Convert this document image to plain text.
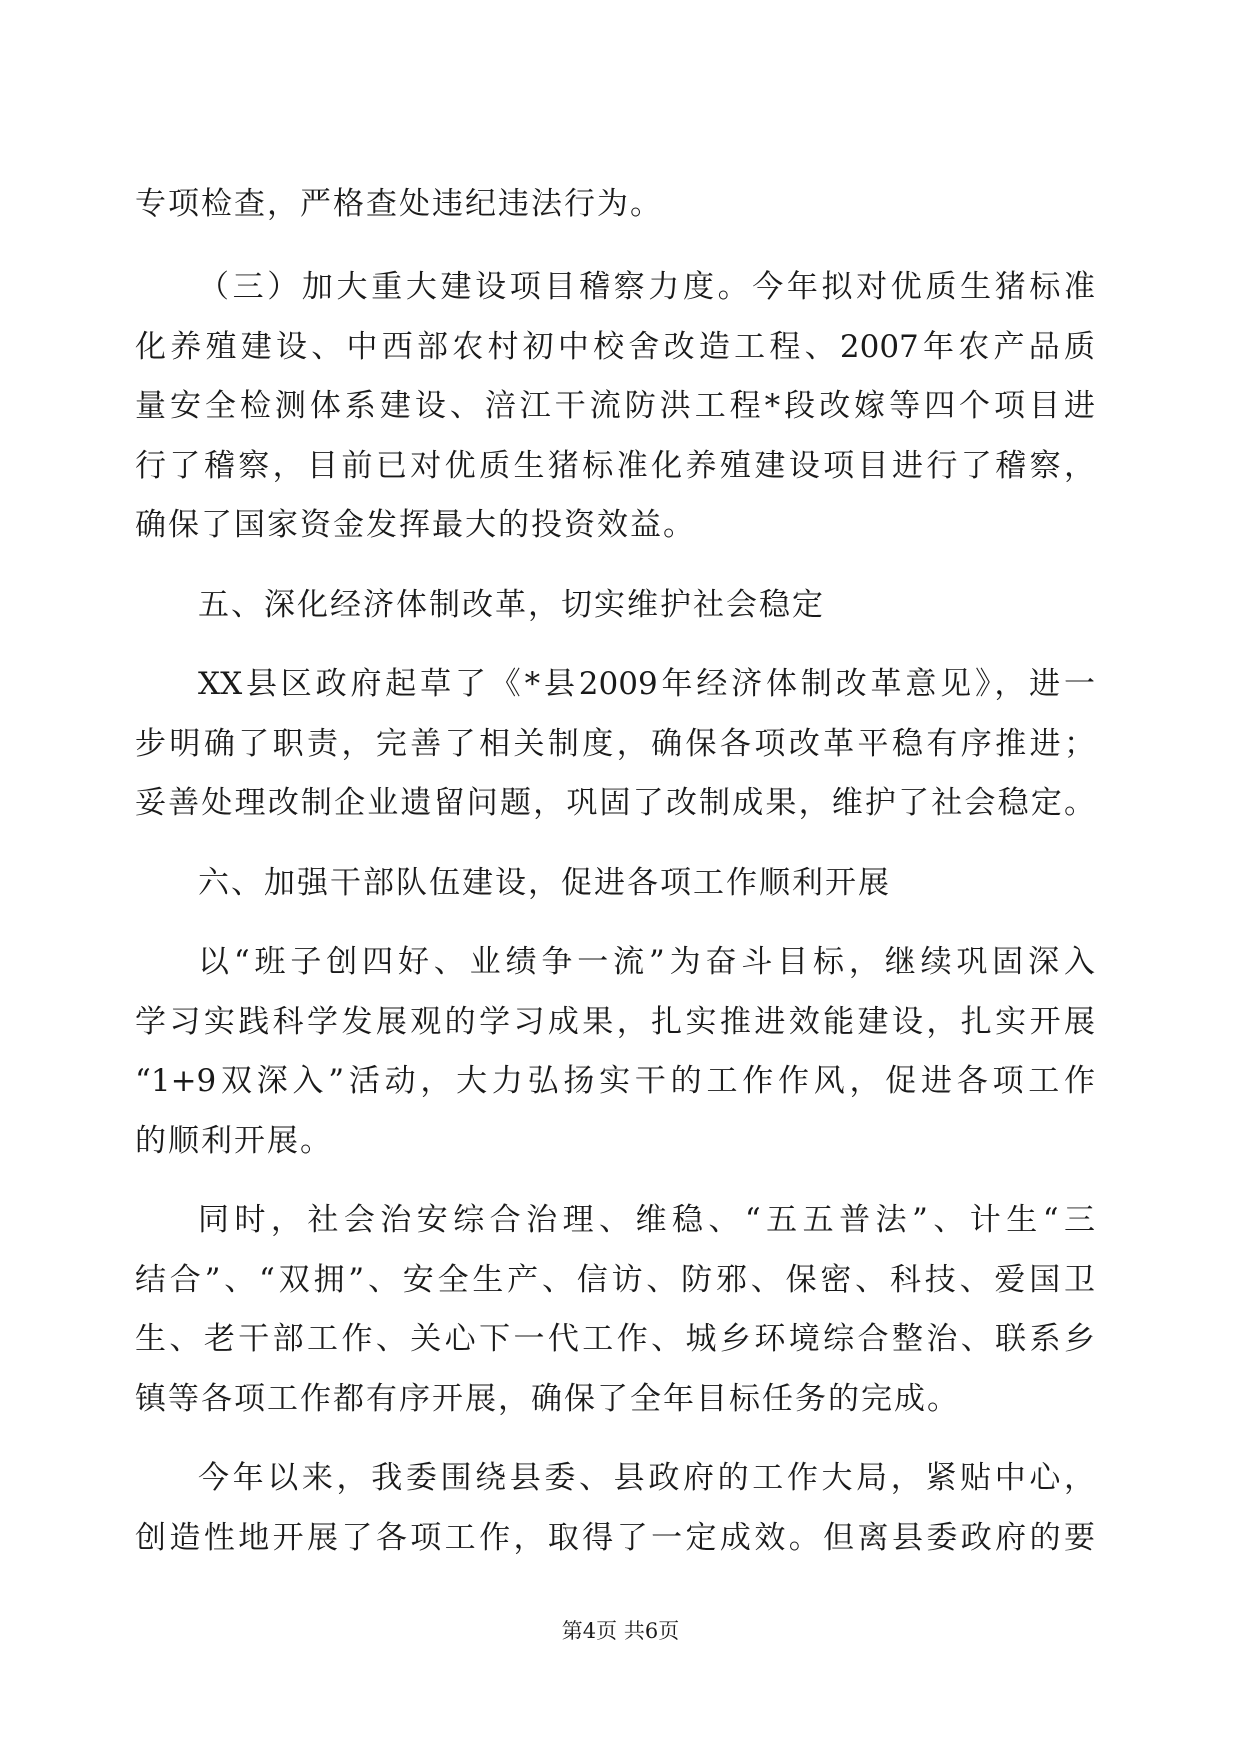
专项检查，严格查处违纪违法行为。
（三）加大重大建设项目稽察力度。今年拟对优质生猪标准
化养殖建设、中西部农村初中校舍改造工程、2007年农产品质
量安全检测体系建设、涪江干流防洪工程*段改嫁等四个项目进
行了稽察，目前已对优质生猪标准化养殖建设项目进行了稽察，
确保了国家资金发挥最大的投资效益。
五、深化经济体制改革，切实维护社会稳定
XX县区政府起草了《*县2009年经济体制改革意见》，进一
步明确了职责，完善了相关制度，确保各项改革平稳有序推进；
妥善处理改制企业遗留问题，巩固了改制成果，维护了社会稳定。
六、加强干部队伍建设，促进各项工作顺利开展
以“班子创四好、业绩争一流”为奋斗目标，继续巩固深入
学习实践科学发展观的学习成果，扎实推进效能建设，扎实开展
“1+9双深入”活动，大力弘扬实干的工作作风，促进各项工作
的顺利开展。
同时，社会治安综合治理、维稳、“五五普法”、计生“三
结合”、“双拥”、安全生产、信访、防邪、保密、科技、爱国卫
生、老干部工作、关心下一代工作、城乡环境综合整治、联系乡
镇等各项工作都有序开展，确保了全年目标任务的完成。
今年以来，我委围绕县委、县政府的工作大局，紧贴中心，
创造性地开展了各项工作，取得了一定成效。但离县委政府的要
第4页 共6页
